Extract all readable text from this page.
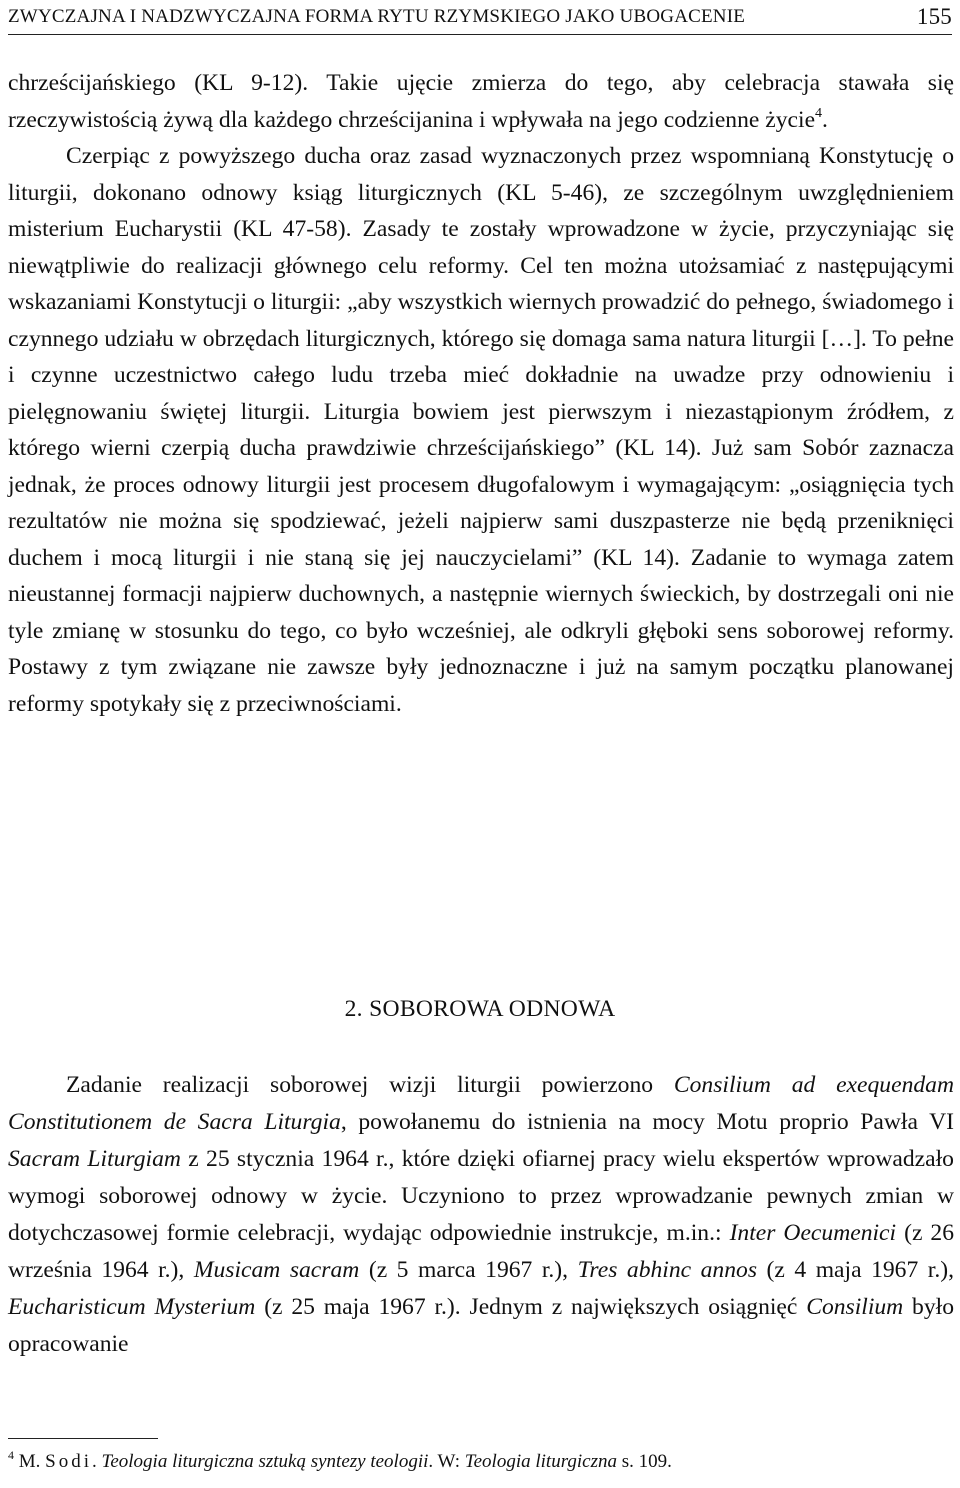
ZWYCZAJNA I NADZWYCZAJNA FORMA RYTU RZYMSKIEGO JAKO UBOGACENIE	155

chrześcijańskiego (KL 9-12). Takie ujęcie zmierza do tego, aby celebracja stawała się rzeczywistością żywą dla każdego chrześcijanina i wpływała na jego codzienne życie$^4$.

Czerpiąc z powyższego ducha oraz zasad wyznaczonych przez wspomnianą Konstytucję o liturgii, dokonano odnowy ksiąg liturgicznych (KL 5-46), ze szczególnym uwzględnieniem misterium Eucharystii (KL 47-58). Zasady te zostały wprowadzone w życie, przyczyniając się niewątpliwie do realizacji głównego celu reformy. Cel ten można utożsamiać z następującymi wskazaniami Konstytucji o liturgii: „aby wszystkich wiernych prowadzić do pełnego, świadomego i czynnego udziału w obrzędach liturgicznych, którego się domaga sama natura liturgii […]. To pełne i czynne uczestnictwo całego ludu trzeba mieć dokładnie na uwadze przy odnowieniu i pielęgnowaniu świętej liturgii. Liturgia bowiem jest pierwszym i niezastąpionym źródłem, z którego wierni czerpią ducha prawdziwie chrześcijańskiego” (KL 14). Już sam Sobór zaznacza jednak, że proces odnowy liturgii jest procesem długofalowym i wymagającym: „osiągnięcia tych rezultatów nie można się spodziewać, jeżeli najpierw sami duszpasterze nie będą przeniknięci duchem i mocą liturgii i nie staną się jej nauczycielami” (KL 14). Zadanie to wymaga zatem nieustannej formacji najpierw duchownych, a następnie wiernych świeckich, by dostrzegali oni nie tyle zmianę w stosunku do tego, co było wcześniej, ale odkryli głęboki sens soborowej reformy. Postawy z tym związane nie zawsze były jednoznaczne i już na samym początku planowanej reformy spotykały się z przeciwnościami.

2. SOBOROWA ODNOWA

Zadanie realizacji soborowej wizji liturgii powierzono Consilium ad exequendam Constitutionem de Sacra Liturgia, powołanemu do istnienia na mocy Motu proprio Pawła VI Sacram Liturgiam z 25 stycznia 1964 r., które dzięki ofiarnej pracy wielu ekspertów wprowadzało wymogi soborowej odnowy w życie. Uczyniono to przez wprowadzanie pewnych zmian w dotychczasowej formie celebracji, wydając odpowiednie instrukcje, m.in.: Inter Oecumenici (z 26 września 1964 r.), Musicam sacram (z 5 marca 1967 r.), Tres abhinc annos (z 4 maja 1967 r.), Eucharisticum Mysterium (z 25 maja 1967 r.). Jednym z największych osiągnięć Consilium było opracowanie

$^4$ M. Sodi. Teologia liturgiczna sztuką syntezy teologii. W: Teologia liturgiczna s. 109.
